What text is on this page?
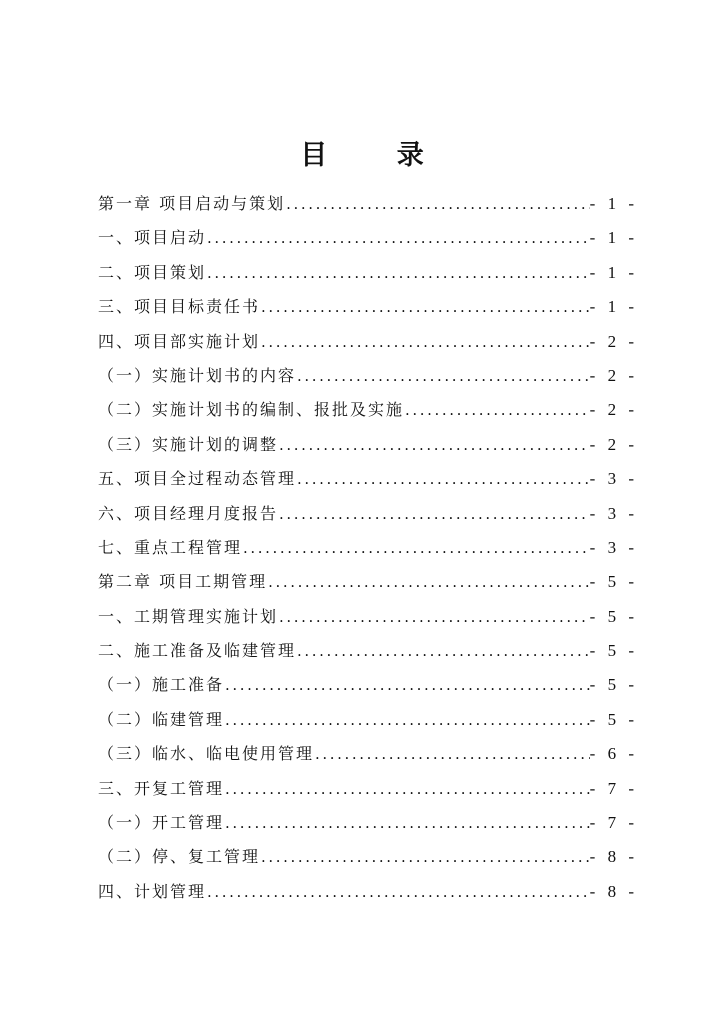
目 录
第一章 项目启动与策划 .....	- 1 -
一、项目启动 .....	- 1 -
二、项目策划 .....	- 1 -
三、项目目标责任书 .....	- 1 -
四、项目部实施计划 .....	- 2 -
（一）实施计划书的内容 .....	- 2 -
（二）实施计划书的编制、报批及实施 .....	- 2 -
（三）实施计划的调整 .....	- 2 -
五、项目全过程动态管理 .....	- 3 -
六、项目经理月度报告 .....	- 3 -
七、重点工程管理 .....	- 3 -
第二章 项目工期管理 .....	- 5 -
一、工期管理实施计划 .....	- 5 -
二、施工准备及临建管理 .....	- 5 -
（一）施工准备 .....	- 5 -
（二）临建管理 .....	- 5 -
（三）临水、临电使用管理 .....	- 6 -
三、开复工管理 .....	- 7 -
（一）开工管理 .....	- 7 -
（二）停、复工管理 .....	- 8 -
四、计划管理 .....	- 8 -
